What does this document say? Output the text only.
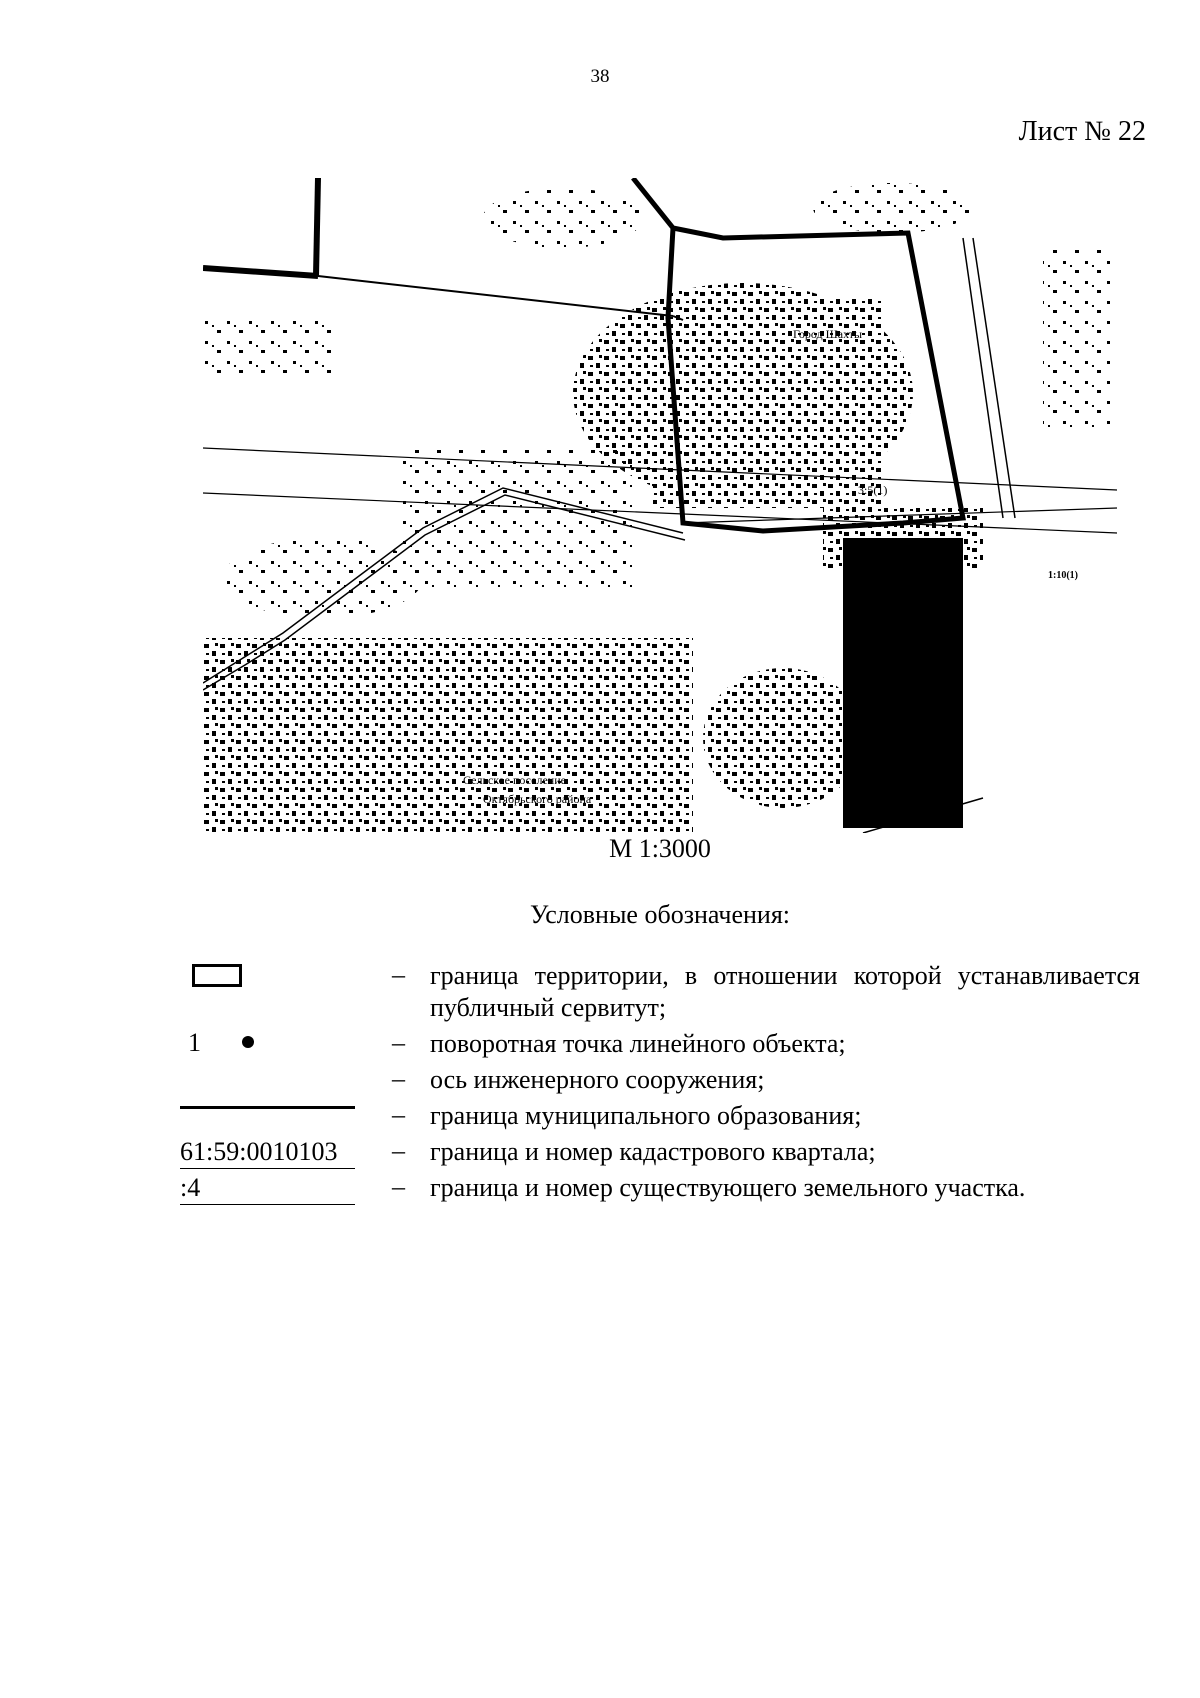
38
Лист № 22
Город Шахты
3:5(1)
1:10(1)
Сельское поселение
Октябрьского района
М 1:3000
Условные обозначения:
– граница территории, в отношении которой устанавливается публичный сервитут;
1	– поворотная точка линейного объекта;
– ось инженерного сооружения;
– граница муниципального образования;
61:59:0010103	– граница и номер кадастрового квартала;
:4	– граница и номер существующего земельного участка.
